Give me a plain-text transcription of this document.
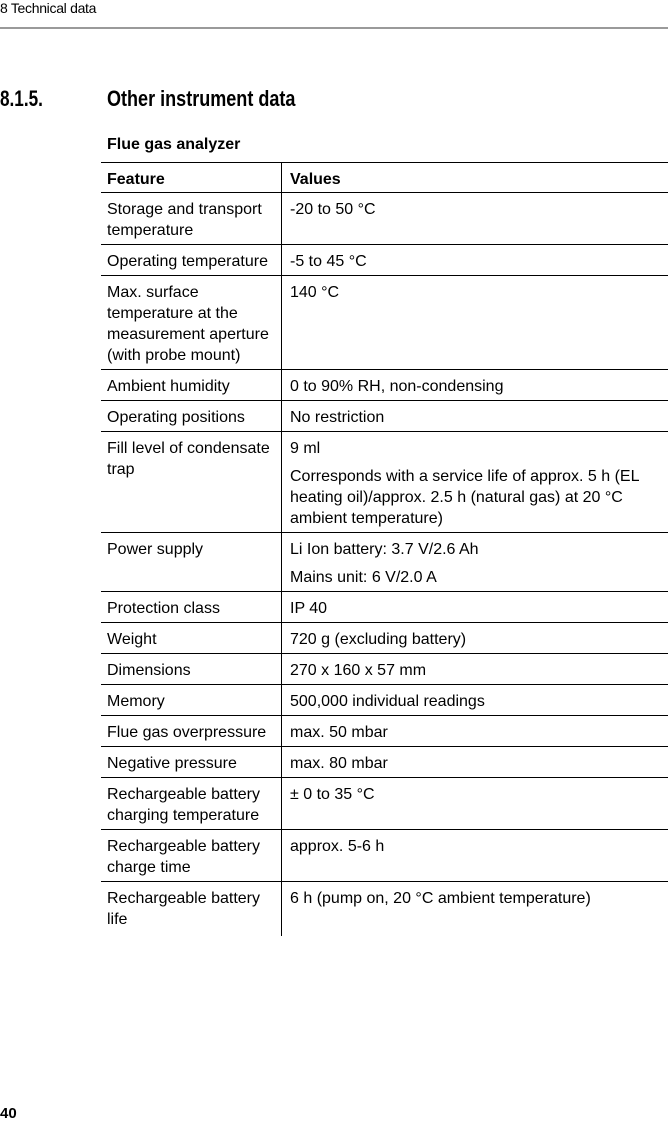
8 Technical data
8.1.5.	Other instrument data
Flue gas analyzer
Feature	Values
Storage and transport temperature	-20 to 50 °C

Operating temperature	-5 to 45 °C

Max. surface temperature at the measurement aperture (with probe mount)	140 °C

Ambient humidity	0 to 90% RH, non-condensing

Operating positions	No restriction

Fill level of condensate trap	9 ml

Corresponds with a service life of approx. 5 h (EL heating oil)/approx. 2.5 h (natural gas) at 20 °C ambient temperature)

Power supply	Li Ion battery: 3.7 V/2.6 Ah

Mains unit: 6 V/2.0 A

Protection class	IP 40

Weight	720 g (excluding battery)

Dimensions	270 x 160 x 57 mm

Memory	500,000 individual readings

Flue gas overpressure	max. 50 mbar

Negative pressure	max. 80 mbar

Rechargeable battery charging temperature	± 0 to 35 °C

Rechargeable battery charge time	approx. 5-6 h

Rechargeable battery life	6 h (pump on, 20 °C ambient temperature)

40
